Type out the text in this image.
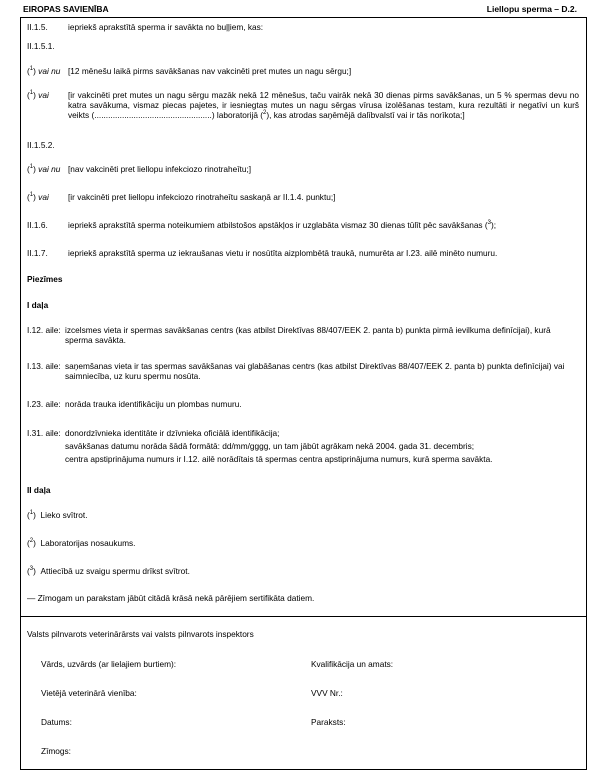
EIROPAS SAVIENĪBA	Liellopu sperma – D.2.
II.1.5. iepriekš aprakstītā sperma ir savākta no buļļiem, kas:
II.1.5.1.
($^1$) vai nu [12 mēnešu laikā pirms savākšanas nav vakcinēti pret mutes un nagu sērgu;]
($^1$) vai [ir vakcinēti pret mutes un nagu sērgu mazāk nekā 12 mēnešus, taču vairāk nekā 30 dienas pirms savākšanas, un 5 % spermas devu no katra savākuma, vismaz piecas pajetes, ir iesniegtas mutes un nagu sērgas vīrusa izolēšanas testam, kura rezultāti ir negatīvi un kurš veikts (...................................................) laboratorijā ($^2$), kas atrodas saņēmējā dalībvalstī vai ir tās norīkota;]
II.1.5.2.
($^1$) vai nu [nav vakcinēti pret liellopu infekciozo rinotraheītu;]
($^1$) vai [ir vakcinēti pret liellopu infekciozo rinotraheītu saskaņā ar II.1.4. punktu;]
II.1.6. iepriekš aprakstītā sperma noteikumiem atbilstošos apstākļos ir uzglabāta vismaz 30 dienas tūlīt pēc savākšanas ($^3$);
II.1.7. iepriekš aprakstītā sperma uz iekraušanas vietu ir nosūtīta aizplombētā traukā, numurēta ar I.23. ailē minēto numuru.
Piezīmes
I daļa
I.12. aile: izcelsmes vieta ir spermas savākšanas centrs (kas atbilst Direktīvas 88/407/EEK 2. panta b) punkta pirmā ievilkuma definīcijai), kurā sperma savākta.
I.13. aile: saņemšanas vieta ir tas spermas savākšanas vai glabāšanas centrs (kas atbilst Direktīvas 88/407/EEK 2. panta b) punkta definīcijai) vai saimniecība, uz kuru spermu nosūta.
I.23. aile: norāda trauka identifikāciju un plombas numuru.
I.31. aile: donordzīvnieka identitāte ir dzīvnieka oficiālā identifikācija;
savākšanas datumu norāda šādā formātā: dd/mm/gggg, un tam jābūt agrākam nekā 2004. gada 31. decembris;
centra apstiprinājuma numurs ir I.12. ailē norādītais tā spermas centra apstiprinājuma numurs, kurā sperma savākta.
II daļa
($^1$)  Lieko svītrot.
($^2$)  Laboratorijas nosaukums.
($^3$)  Attiecībā uz svaigu spermu drīkst svītrot.
— Zīmogam un parakstam jābūt citādā krāsā nekā pārējiem sertifikāta datiem.
Valsts pilnvarots veterinārārsts vai valsts pilnvarots inspektors
Vārds, uzvārds (ar lielajiem burtiem):	Kvalifikācija un amats:
Vietējā veterinārā vienība:	VVV Nr.:
Datums:	Paraksts:
Zīmogs:
